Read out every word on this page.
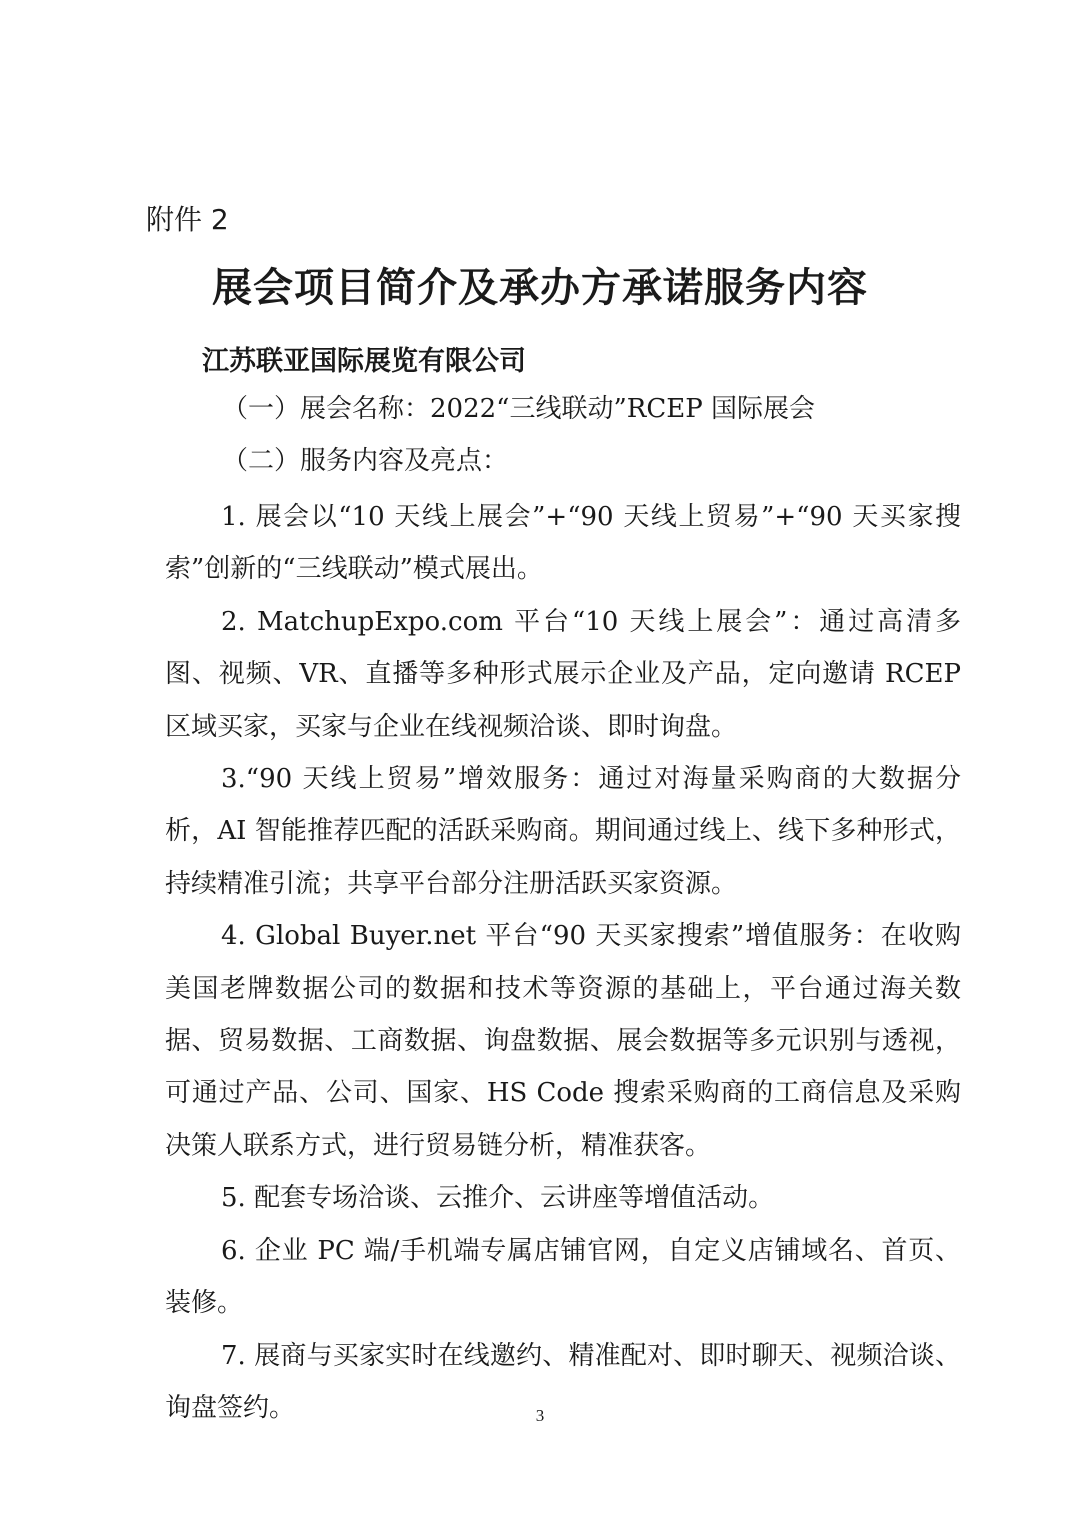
附件 2
展会项目简介及承办方承诺服务内容
江苏联亚国际展览有限公司
（一）展会名称：2022“三线联动”RCEP 国际展会
（二）服务内容及亮点：

1. 展会以“10 天线上展会”+“90 天线上贸易”+“90 天买家搜索”创新的“三线联动”模式展出。

2. MatchupExpo.com 平台“10 天线上展会”：通过高清多图、视频、VR、直播等多种形式展示企业及产品，定向邀请 RCEP 区域买家，买家与企业在线视频洽谈、即时询盘。

3.“90 天线上贸易”增效服务：通过对海量采购商的大数据分析，AI 智能推荐匹配的活跃采购商。期间通过线上、线下多种形式，持续精准引流；共享平台部分注册活跃买家资源。

4. Global Buyer.net 平台“90 天买家搜索”增值服务：在收购美国老牌数据公司的数据和技术等资源的基础上，平台通过海关数据、贸易数据、工商数据、询盘数据、展会数据等多元识别与透视，可通过产品、公司、国家、HS Code 搜索采购商的工商信息及采购决策人联系方式，进行贸易链分析，精准获客。

5. 配套专场洽谈、云推介、云讲座等增值活动。

6. 企业 PC 端/手机端专属店铺官网，自定义店铺域名、首页、装修。

7. 展商与买家实时在线邀约、精准配对、即时聊天、视频洽谈、询盘签约。	3
